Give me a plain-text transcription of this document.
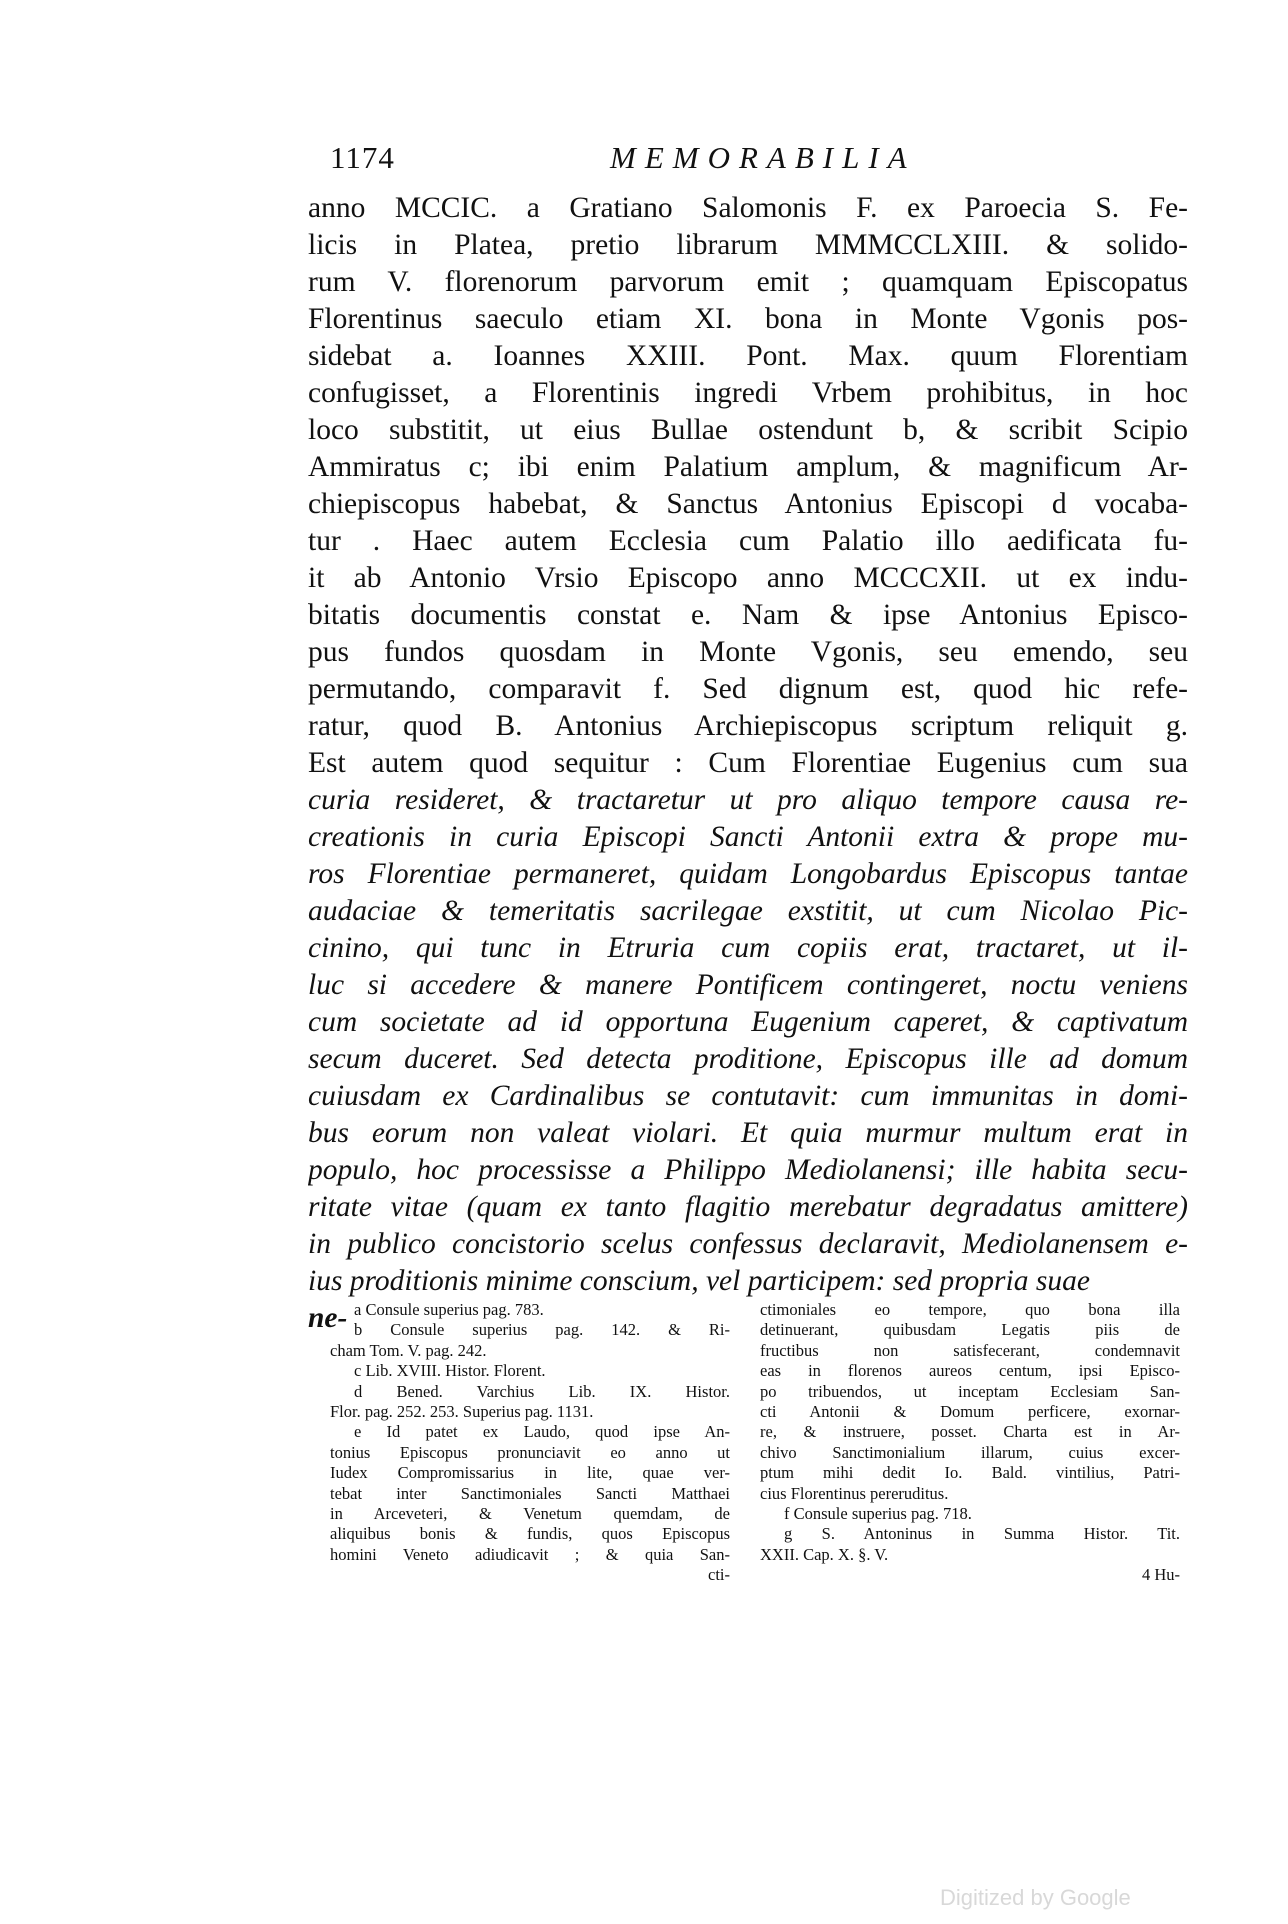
1174	MEMORABILIA
anno MCCIC. a Gratiano Salomonis F. ex Paroecia S. Fe-
licis in Platea, pretio librarum MMMCCLXIII. & solido-
rum V. florenorum parvorum emit ; quamquam Episcopatus
Florentinus saeculo etiam XI. bona in Monte Vgonis pos-
sidebat a. Ioannes XXIII. Pont. Max. quum Florentiam
confugisset, a Florentinis ingredi Vrbem prohibitus, in hoc
loco substitit, ut eius Bullae ostendunt b, & scribit Scipio
Ammiratus c; ibi enim Palatium amplum, & magnificum Ar-
chiepiscopus habebat, & Sanctus Antonius Episcopi d vocaba-
tur . Haec autem Ecclesia cum Palatio illo aedificata fu-
it ab Antonio Vrsio Episcopo anno MCCCXII. ut ex indu-
bitatis documentis constat e. Nam & ipse Antonius Episco-
pus fundos quosdam in Monte Vgonis, seu emendo, seu
permutando, comparavit f. Sed dignum est, quod hic refe-
ratur, quod B. Antonius Archiepiscopus scriptum reliquit g.
Est autem quod sequitur : Cum Florentiae Eugenius cum sua
curia resideret, & tractaretur ut pro aliquo tempore causa re-
creationis in curia Episcopi Sancti Antonii extra & prope mu-
ros Florentiae permaneret, quidam Longobardus Episcopus tantae
audaciae & temeritatis sacrilegae exstitit, ut cum Nicolao Pic-
cinino, qui tunc in Etruria cum copiis erat, tractaret, ut il-
luc si accedere & manere Pontificem contingeret, noctu veniens
cum societate ad id opportuna Eugenium caperet, & captivatum
secum duceret. Sed detecta proditione, Episcopus ille ad domum
cuiusdam ex Cardinalibus se contutavit: cum immunitas in domi-
bus eorum non valeat violari. Et quia murmur multum erat in
populo, hoc processisse a Philippo Mediolanensi; ille habita secu-
ritate vitae (quam ex tanto flagitio merebatur degradatus amittere)
in publico concistorio scelus confessus declaravit, Mediolanensem e-
ius proditionis minime conscium, vel participem: sed propria suae
ne- a Consule superius pag. 783.
b Consule superius pag. 142. & Ri-
cham Tom. V. pag. 242.
c Lib. XVIII. Histor. Florent.
d Bened. Varchius Lib. IX. Histor.
Flor. pag. 252. 253. Superius pag. 1131.
e Id patet ex Laudo, quod ipse An-
tonius Episcopus pronunciavit eo anno ut
Iudex Compromissarius in lite, quae ver-
tebat inter Sanctimoniales Sancti Matthaei
in Arceveteri, & Venetum quemdam, de
aliquibus bonis & fundis, quos Episcopus
homini Veneto adiudicavit ; & quia San-
cti-
ctimoniales eo tempore, quo bona illa
detinuerant, quibusdam Legatis piis de
fructibus non satisfecerant, condemnavit
eas in florenos aureos centum, ipsi Episco-
po tribuendos, ut inceptam Ecclesiam San-
cti Antonii & Domum perficere, exornar-
re, & instruere, posset. Charta est in Ar-
chivo Sanctimonialium illarum, cuius excer-
ptum mihi dedit Io. Bald. vintilius, Patri-
cius Florentinus pereruditus.
f Consule superius pag. 718.
g S. Antoninus in Summa Histor. Tit.
XXII. Cap. X. §. V.
4 Hu-
Digitized by Google
